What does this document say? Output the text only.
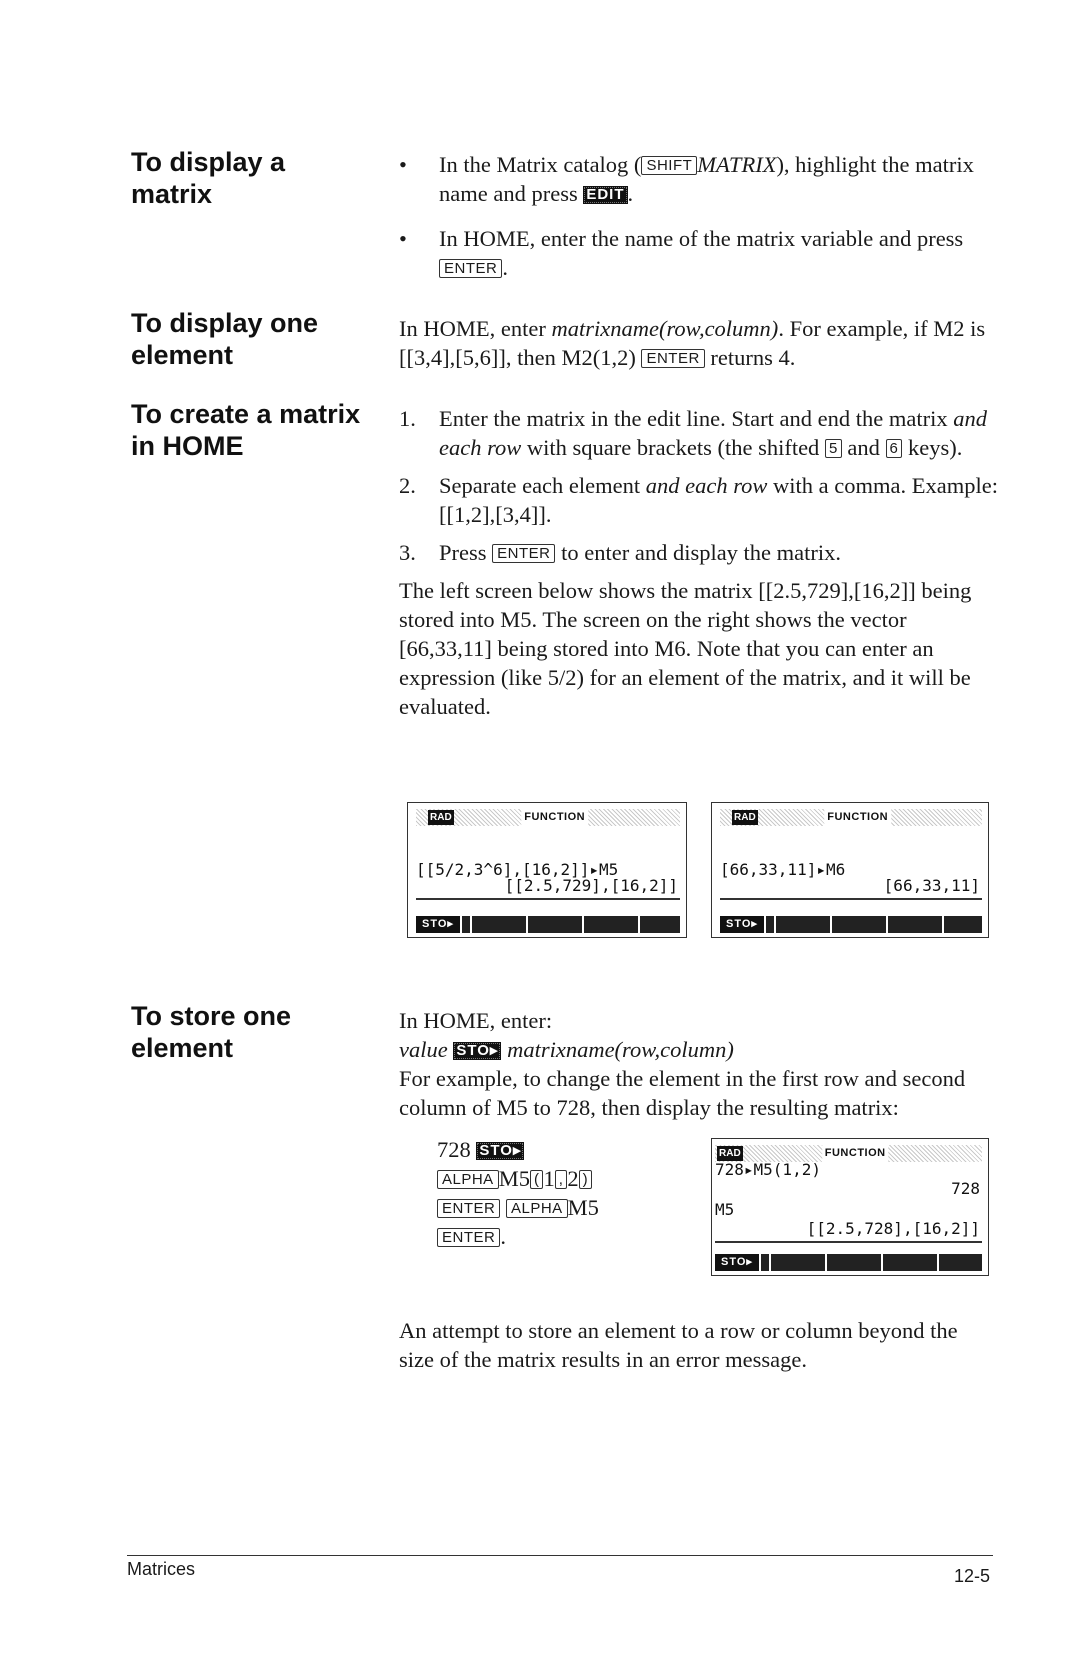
To display a
matrix
• In the Matrix catalog ( SHIFT MATRIX), highlight the matrix name and press EDIT .
• In HOME, enter the name of the matrix variable and press ENTER .
To display one
element
In HOME, enter matrixname(row,column). For example, if M2 is [[3,4],[5,6]], then M2(1,2) ENTER returns 4.
To create a matrix
in HOME
1. Enter the matrix in the edit line. Start and end the matrix and each row with square brackets (the shifted 5 and 6 keys).
2. Separate each element and each row with a comma. Example: [[1,2],[3,4]].
3. Press ENTER to enter and display the matrix.
The left screen below shows the matrix [[2.5,729],[16,2]] being stored into M5. The screen on the right shows the vector [66,33,11] being stored into M6. Note that you can enter an expression (like 5/2) for an element of the matrix, and it will be evaluated.
RAD	FUNCTION
[[5/2,3^6],[16,2]]▸M5
[[2.5,729],[16,2]]
STO▸
RAD	FUNCTION
[66,33,11]▸M6
[66,33,11]
STO▸
To store one
element
In HOME, enter:
value STO▸ matrixname(row,column)
For example, to change the element in the first row and second column of M5 to 728, then display the resulting matrix:
728 STO▸
ALPHA M5 ( 1 , 2 )
ENTER ALPHA M5
ENTER .
RAD	FUNCTION
728▸M5(1,2)
728
M5
[[2.5,728],[16,2]]
STO▸
An attempt to store an element to a row or column beyond the size of the matrix results in an error message.
Matrices	12-5
